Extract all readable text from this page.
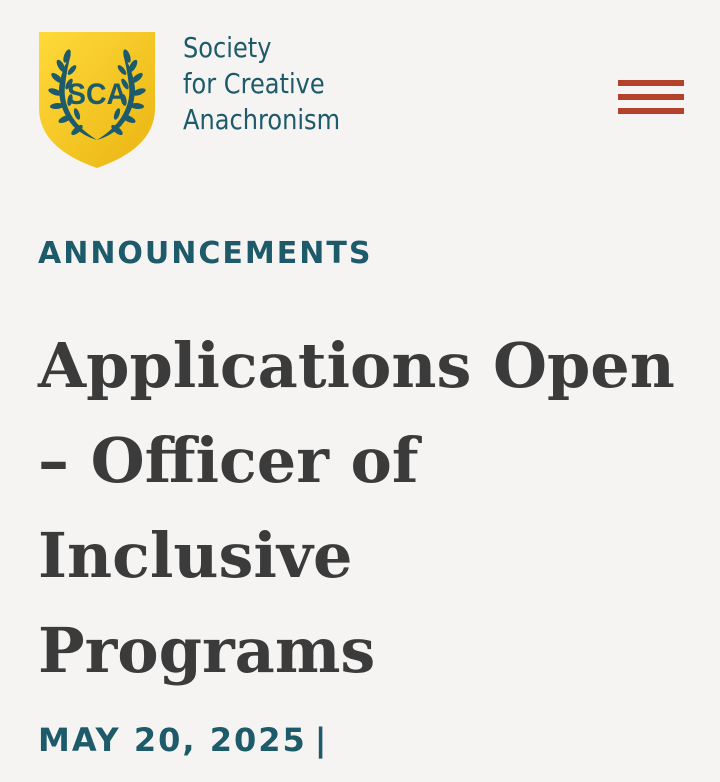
SCA
Society
for Creative
Anachronism
ANNOUNCEMENTS
Applications Open
– Officer of
Inclusive
Programs
MAY 20, 2025 |
